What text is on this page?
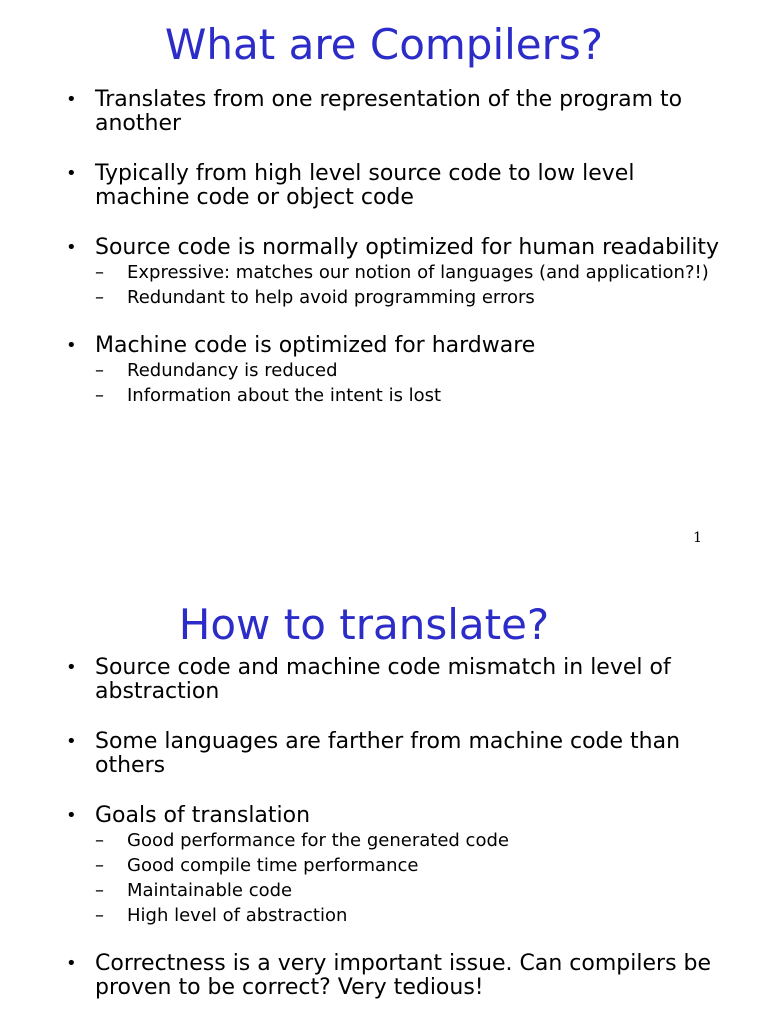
What are Compilers?
• Translates from one representation of the program to another
• Typically from high level source code to low level machine code or object code
• Source code is normally optimized for human readability
– Expressive: matches our notion of languages (and application?!)
– Redundant to help avoid programming errors
• Machine code is optimized for hardware
– Redundancy is reduced
– Information about the intent is lost
1
How to translate?
• Source code and machine code mismatch in level of abstraction
• Some languages are farther from machine code than others
• Goals of translation
– Good performance for the generated code
– Good compile time performance
– Maintainable code
– High level of abstraction
• Correctness is a very important issue. Can compilers be proven to be correct? Very tedious!
